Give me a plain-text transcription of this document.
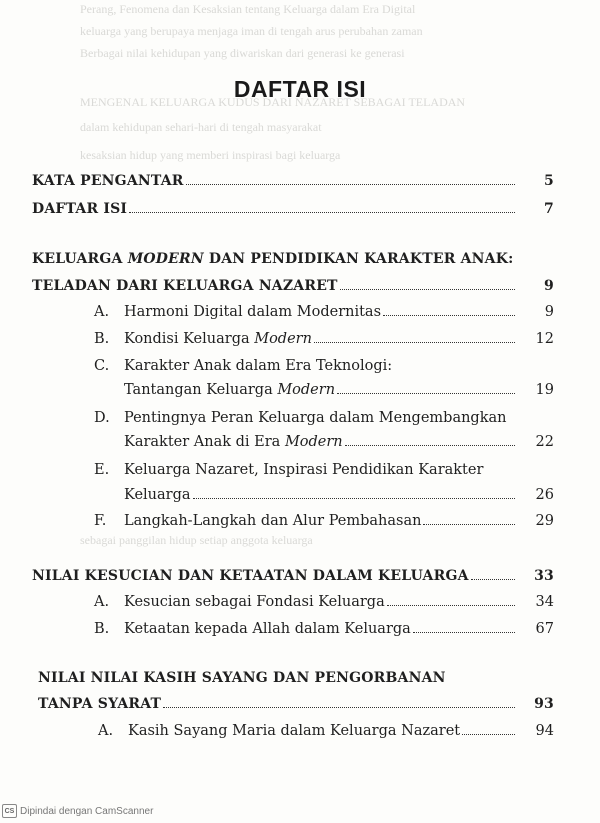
Perang, Fenomena dan Kesaksian tentang Keluarga dalam Era Digital
keluarga yang berupaya menjaga iman di tengah arus perubahan zaman
Berbagai nilai kehidupan yang diwariskan dari generasi ke generasi
MENGENAL KELUARGA KUDUS DARI NAZARET SEBAGAI TELADAN
dalam kehidupan sehari-hari di tengah masyarakat
kesaksian hidup yang memberi inspirasi bagi keluarga
sebagai panggilan hidup setiap anggota keluarga
DAFTAR ISI
KATA PENGANTAR	5
DAFTAR ISI	7
KELUARGA MODERN DAN PENDIDIKAN KARAKTER ANAK:
TELADAN DARI KELUARGA NAZARET	9
A.	Harmoni Digital dalam Modernitas	9
B.	Kondisi Keluarga Modern	12
C. Karakter Anak dalam Era Teknologi:
Tantangan Keluarga Modern	19
D. Pentingnya Peran Keluarga dalam Mengembangkan
Karakter Anak di Era Modern	22
E. Keluarga Nazaret, Inspirasi Pendidikan Karakter
Keluarga	26
F.	Langkah-Langkah dan Alur Pembahasan	29
NILAI KESUCIAN DAN KETAATAN DALAM KELUARGA	33
A.	Kesucian sebagai Fondasi Keluarga	34
B.	Ketaatan kepada Allah dalam Keluarga	67
NILAI NILAI KASIH SAYANG DAN PENGORBANAN
TANPA SYARAT	93
A.	Kasih Sayang Maria dalam Keluarga Nazaret	94
CS Dipindai dengan CamScanner
